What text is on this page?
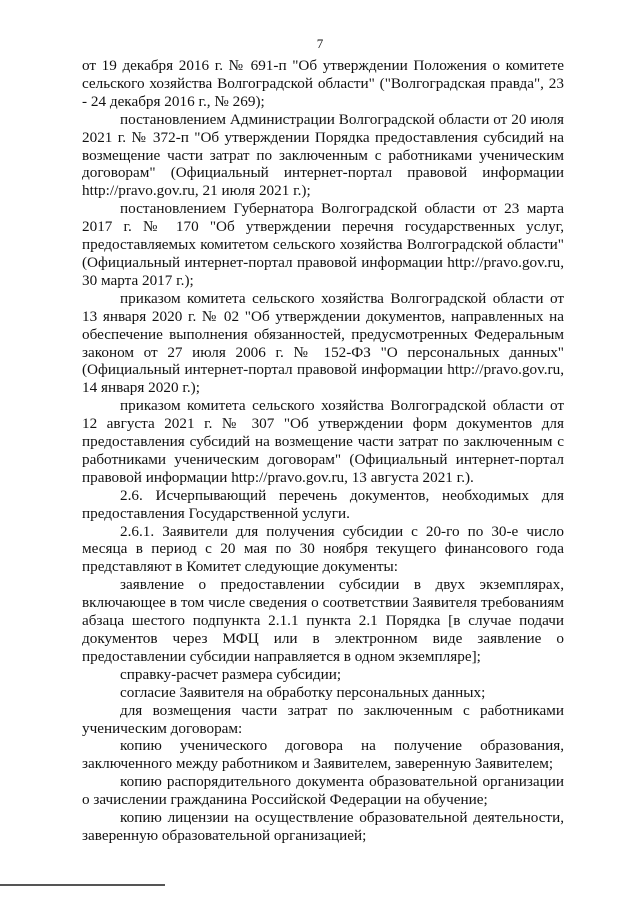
7

от 19 декабря 2016 г. № 691-п "Об утверждении Положения о комитете сельского хозяйства Волгоградской области" ("Волгоградская правда", 23 - 24 декабря 2016 г., № 269);

постановлением Администрации Волгоградской области от 20 июля 2021 г. № 372-п "Об утверждении Порядка предоставления субсидий на возмещение части затрат по заключенным с работниками ученическим договорам" (Официальный интернет-портал правовой информации http://pravo.gov.ru, 21 июля 2021 г.);

постановлением Губернатора Волгоградской области от 23 марта 2017 г. № 170 "Об утверждении перечня государственных услуг, предоставляемых комитетом сельского хозяйства Волгоградской области" (Официальный интернет-портал правовой информации http://pravo.gov.ru, 30 марта 2017 г.);

приказом комитета сельского хозяйства Волгоградской области от 13 января 2020 г. № 02 "Об утверждении документов, направленных на обеспечение выполнения обязанностей, предусмотренных Федеральным законом от 27 июля 2006 г. № 152-ФЗ "О персональных данных" (Официальный интернет-портал правовой информации http://pravo.gov.ru, 14 января 2020 г.);

приказом комитета сельского хозяйства Волгоградской области от 12 августа 2021 г. № 307 "Об утверждении форм документов для предоставления субсидий на возмещение части затрат по заключенным с работниками ученическим договорам" (Официальный интернет-портал правовой информации http://pravo.gov.ru, 13 августа 2021 г.).

2.6. Исчерпывающий перечень документов, необходимых для предоставления Государственной услуги.

2.6.1. Заявители для получения субсидии с 20-го по 30-е число месяца в период с 20 мая по 30 ноября текущего финансового года представляют в Комитет следующие документы:

заявление о предоставлении субсидии в двух экземплярах, включающее в том числе сведения о соответствии Заявителя требованиям абзаца шестого подпункта 2.1.1 пункта 2.1 Порядка [в случае подачи документов через МФЦ или в электронном виде заявление о предоставлении субсидии направляется в одном экземпляре];

справку-расчет размера субсидии;

согласие Заявителя на обработку персональных данных;

для возмещения части затрат по заключенным с работниками ученическим договорам:

копию ученического договора на получение образования, заключенного между работником и Заявителем, заверенную Заявителем;

копию распорядительного документа образовательной организации о зачислении гражданина Российской Федерации на обучение;

копию лицензии на осуществление образовательной деятельности, заверенную образовательной организацией;
